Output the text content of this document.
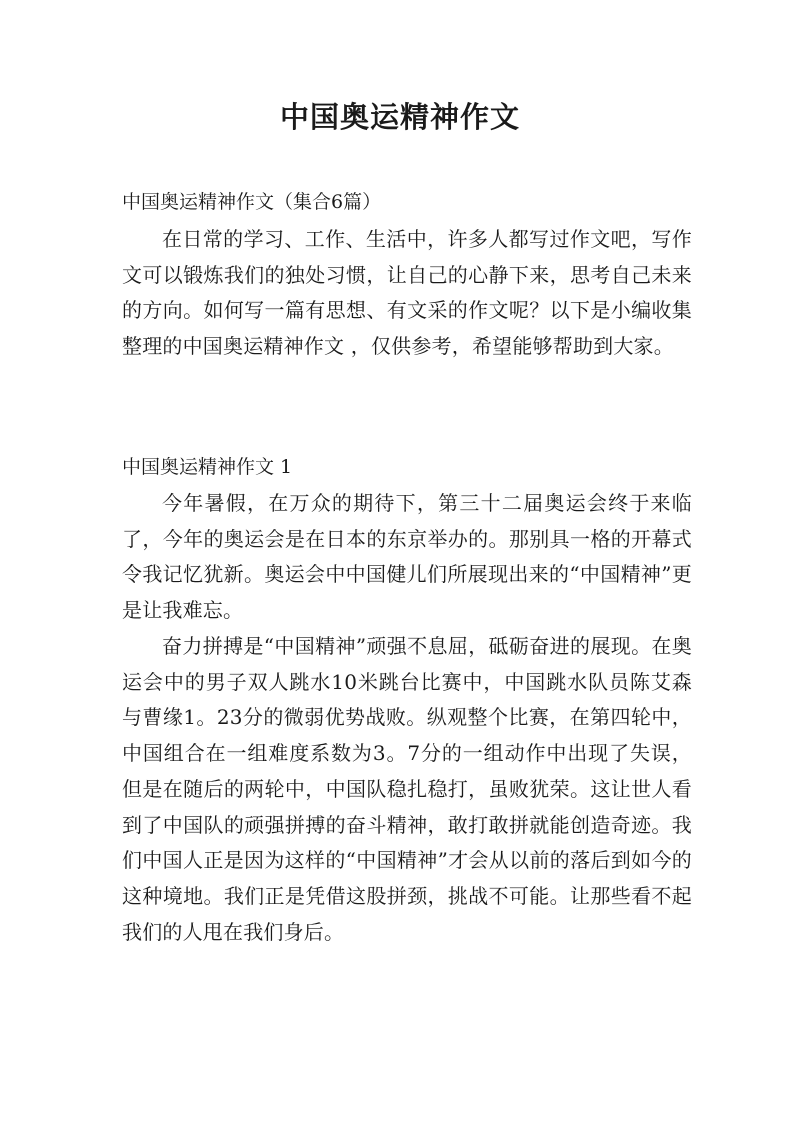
中国奥运精神作文

中国奥运精神作文（集合6篇）

在日常的学习、工作、生活中，许多人都写过作文吧，写作文可以锻炼我们的独处习惯，让自己的心静下来，思考自己未来的方向。如何写一篇有思想、有文采的作文呢？以下是小编收集整理的中国奥运精神作文 ，仅供参考，希望能够帮助到大家。

中国奥运精神作文 1

今年暑假，在万众的期待下，第三十二届奥运会终于来临了，今年的奥运会是在日本的东京举办的。那别具一格的开幕式令我记忆犹新。奥运会中中国健儿们所展现出来的“中国精神”更是让我难忘。

奋力拼搏是“中国精神”顽强不息屈，砥砺奋进的展现。在奥运会中的男子双人跳水10米跳台比赛中，中国跳水队员陈艾森与曹缘1。23分的微弱优势战败。纵观整个比赛，在第四轮中，中国组合在一组难度系数为3。7分的一组动作中出现了失误，但是在随后的两轮中，中国队稳扎稳打，虽败犹荣。这让世人看到了中国队的顽强拼搏的奋斗精神，敢打敢拼就能创造奇迹。我们中国人正是因为这样的“中国精神”才会从以前的落后到如今的这种境地。我们正是凭借这股拼颈，挑战不可能。让那些看不起我们的人甩在我们身后。
